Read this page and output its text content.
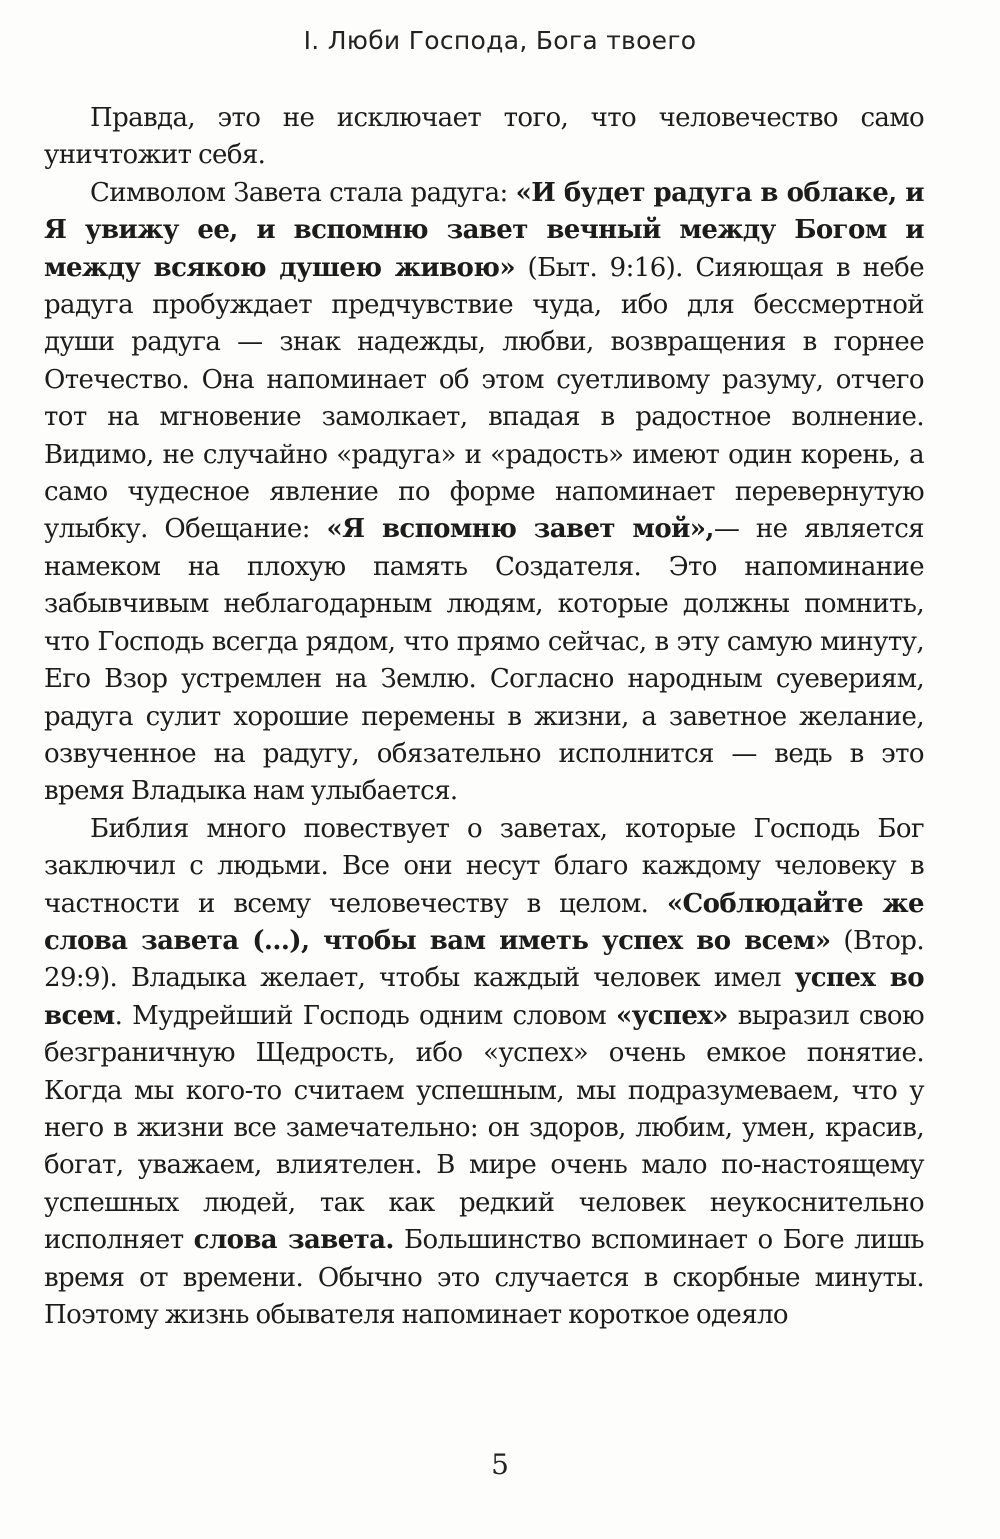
I. Люби Господа, Бога твоего

Правда, это не исключает того, что человечество само уничтожит себя.

Символом Завета стала радуга: «И будет радуга в облаке, и Я увижу ее, и вспомню завет вечный между Богом и между всякою душею живою» (Быт. 9:16). Сияющая в небе радуга пробуждает предчувствие чуда, ибо для бессмертной души радуга — знак надежды, любви, возвращения в горнее Отечество. Она напоминает об этом суетливому разуму, отчего тот на мгновение замолкает, впадая в радостное волнение. Видимо, не случайно «радуга» и «радость» имеют один корень, а само чудесное явление по форме напоминает перевернутую улыбку. Обещание: «Я вспомню завет мой»,— не является намеком на плохую память Создателя. Это напоминание забывчивым неблагодарным людям, которые должны помнить, что Господь всегда рядом, что прямо сейчас, в эту самую минуту, Его Взор устремлен на Землю. Согласно народным суевериям, радуга сулит хорошие перемены в жизни, а заветное желание, озвученное на радугу, обязательно исполнится — ведь в это время Владыка нам улыбается.

Библия много повествует о заветах, которые Господь Бог заключил с людьми. Все они несут благо каждому человеку в частности и всему человечеству в целом. «Соблюдайте же слова завета (...), чтобы вам иметь успех во всем» (Втор. 29:9). Владыка желает, чтобы каждый человек имел успех во всем. Мудрейший Господь одним словом «успех» выразил свою безграничную Щедрость, ибо «успех» очень емкое понятие. Когда мы кого-то считаем успешным, мы подразумеваем, что у него в жизни все замечательно: он здоров, любим, умен, красив, богат, уважаем, влиятелен. В мире очень мало по-настоящему успешных людей, так как редкий человек неукоснительно исполняет слова завета. Большинство вспоминает о Боге лишь время от времени. Обычно это случается в скорбные минуты. Поэтому жизнь обывателя напоминает короткое одеяло

5
